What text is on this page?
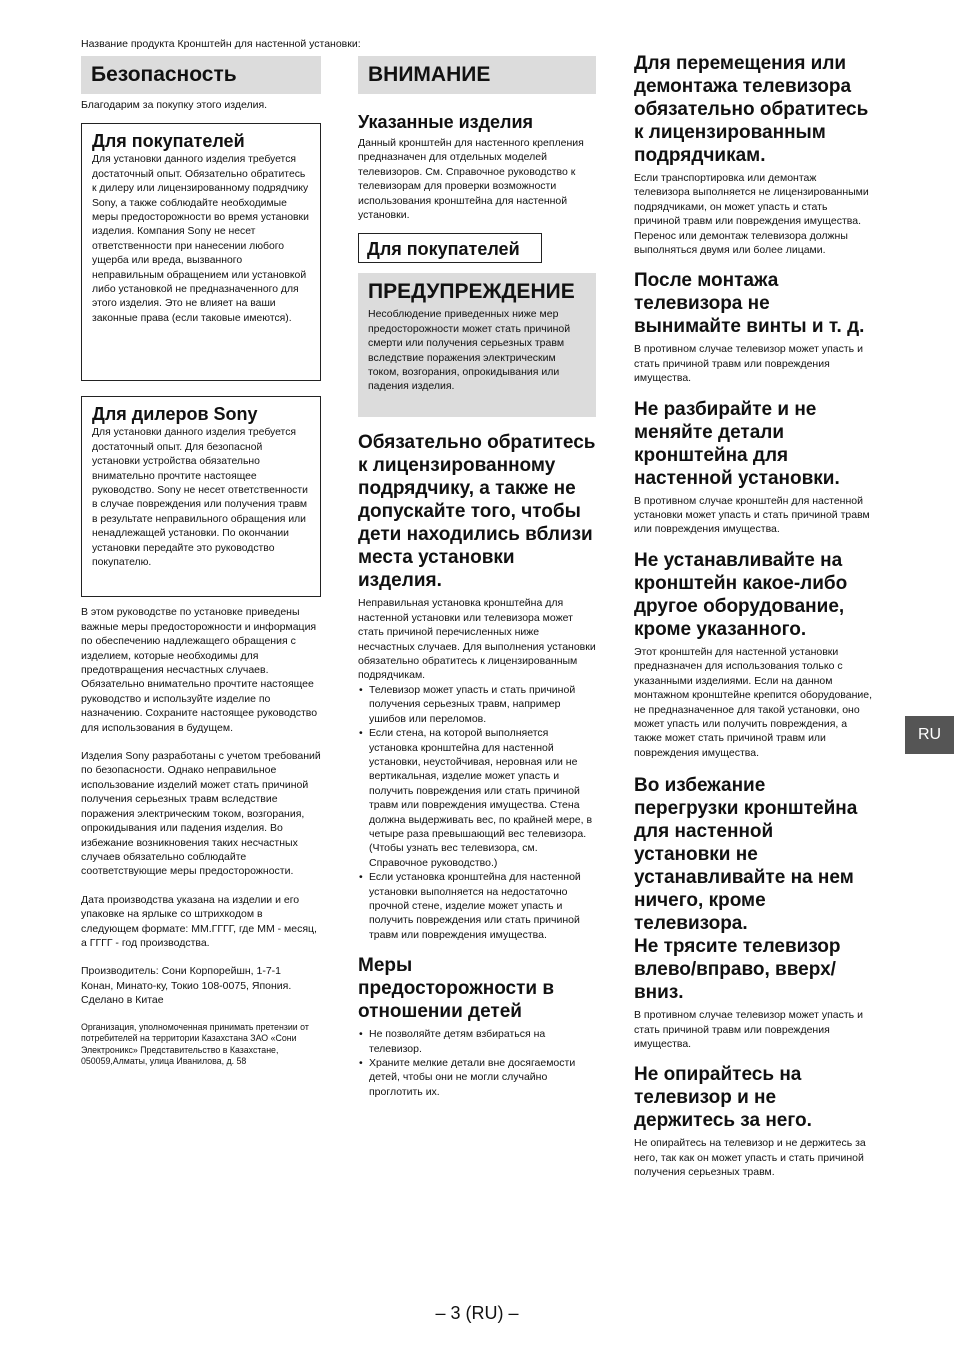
Название продукта Кронштейн для настенной установки:
Безопасность

Благодарим за покупку этого изделия.

Для покупателей

Для установки данного изделия требуется достаточный опыт. Обязательно обратитесь к дилеру или лицензированному подрядчику Sony, а также соблюдайте необходимые меры предосторожности во время установки изделия. Компания Sony не несет ответственности при нанесении любого ущерба или вреда, вызванного неправильным обращением или установкой либо установкой не предназначенного для этого изделия. Это не влияет на ваши законные права (если таковые имеются).

Для дилеров Sony

Для установки данного изделия требуется достаточный опыт. Для безопасной установки устройства обязательно внимательно прочтите настоящее руководство. Sony не несет ответственности в случае повреждения или получения травм в результате неправильного обращения или ненадлежащей установки. По окончании установки передайте это руководство покупателю.

В этом руководстве по установке приведены важные меры предосторожности и информация по обеспечению надлежащего обращения с изделием, которые необходимы для предотвращения несчастных случаев. Обязательно внимательно прочтите настоящее руководство и используйте изделие по назначению. Сохраните настоящее руководство для использования в будущем.

Изделия Sony разработаны с учетом требований по безопасности. Однако неправильное использование изделий может стать причиной получения серьезных травм вследствие поражения электрическим током, возгорания, опрокидывания или падения изделия. Во избежание возникновения таких несчастных случаев обязательно соблюдайте соответствующие меры предосторожности.

Дата производства указана на изделии и его упаковке на ярлыке со штрихкодом в следующем формате: ММ.ГГГГ, где ММ - месяц, а ГГГГ - год производства.

Производитель: Сони Корпорейшн, 1-7-1 Конан, Минато-ку, Токио 108-0075, Япония. Сделано в Китае

Организация, уполномоченная принимать претензии от потребителей на территории Казахстана ЗАО «Сони Электроникс» Представительство в Казахстане, 050059,Алматы, улица Иванилова, д. 58

ВНИМАНИЕ
Указанные изделия

Данный кронштейн для настенного крепления предназначен для отдельных моделей телевизоров. См. Справочное руководство к телевизорам для проверки возможности использования кронштейна для настенной установки.

Для покупателей
ПРЕДУПРЕЖДЕНИЕ

Несоблюдение приведенных ниже мер предосторожности может стать причиной смерти или получения серьезных травм вследствие поражения электрическим током, возгорания, опрокидывания или падения изделия.

Обязательно обратитесь к лицензированному подрядчику, а также не допускайте того, чтобы дети находились вблизи места установки изделия.

Неправильная установка кронштейна для настенной установки или телевизора может стать причиной перечисленных ниже несчастных случаев. Для выполнения установки обязательно обратитесь к лицензированным подрядчикам.

• Телевизор может упасть и стать причиной получения серьезных травм, например ушибов или переломов.
• Если стена, на которой выполняется установка кронштейна для настенной установки, неустойчивая, неровная или не вертикальная, изделие может упасть и получить повреждения или стать причиной травм или повреждения имущества. Стена должна выдерживать вес, по крайней мере, в четыре раза превышающий вес телевизора. (Чтобы узнать вес телевизора, см. Справочное руководство.)
• Если установка кронштейна для настенной установки выполняется на недостаточно прочной стене, изделие может упасть и получить повреждения или стать причиной травм или повреждения имущества.
Меры предосторожности в отношении детей
• Не позволяйте детям взбираться на телевизор.
• Храните мелкие детали вне досягаемости детей, чтобы они не могли случайно проглотить их.
Для перемещения или демонтажа телевизора обязательно обратитесь к лицензированным подрядчикам.

Если транспортировка или демонтаж телевизора выполняется не лицензированными подрядчиками, он может упасть и стать причиной травм или повреждения имущества. Перенос или демонтаж телевизора должны выполняться двумя или более лицами.

После монтажа телевизора не вынимайте винты и т. д.

В противном случае телевизор может упасть и стать причиной травм или повреждения имущества.

Не разбирайте и не меняйте детали кронштейна для настенной установки.

В противном случае кронштейн для настенной установки может упасть и стать причиной травм или повреждения имущества.

Не устанавливайте на кронштейн какое-либо другое оборудование, кроме указанного.

Этот кронштейн для настенной установки предназначен для использования только с указанными изделиями. Если на данном монтажном кронштейне крепится оборудование, не предназначенное для такой установки, оно может упасть или получить повреждения, а также может стать причиной травм или повреждения имущества.

Во избежание перегрузки кронштейна для настенной установки не устанавливайте на нем ничего, кроме телевизора.
Не трясите телевизор влево/вправо, вверх/вниз.

В противном случае телевизор может упасть и стать причиной травм или повреждения имущества.

Не опирайтесь на телевизор и не держитесь за него.

Не опирайтесь на телевизор и не держитесь за него, так как он может упасть и стать причиной получения серьезных травм.

RU
– 3 (RU) –
